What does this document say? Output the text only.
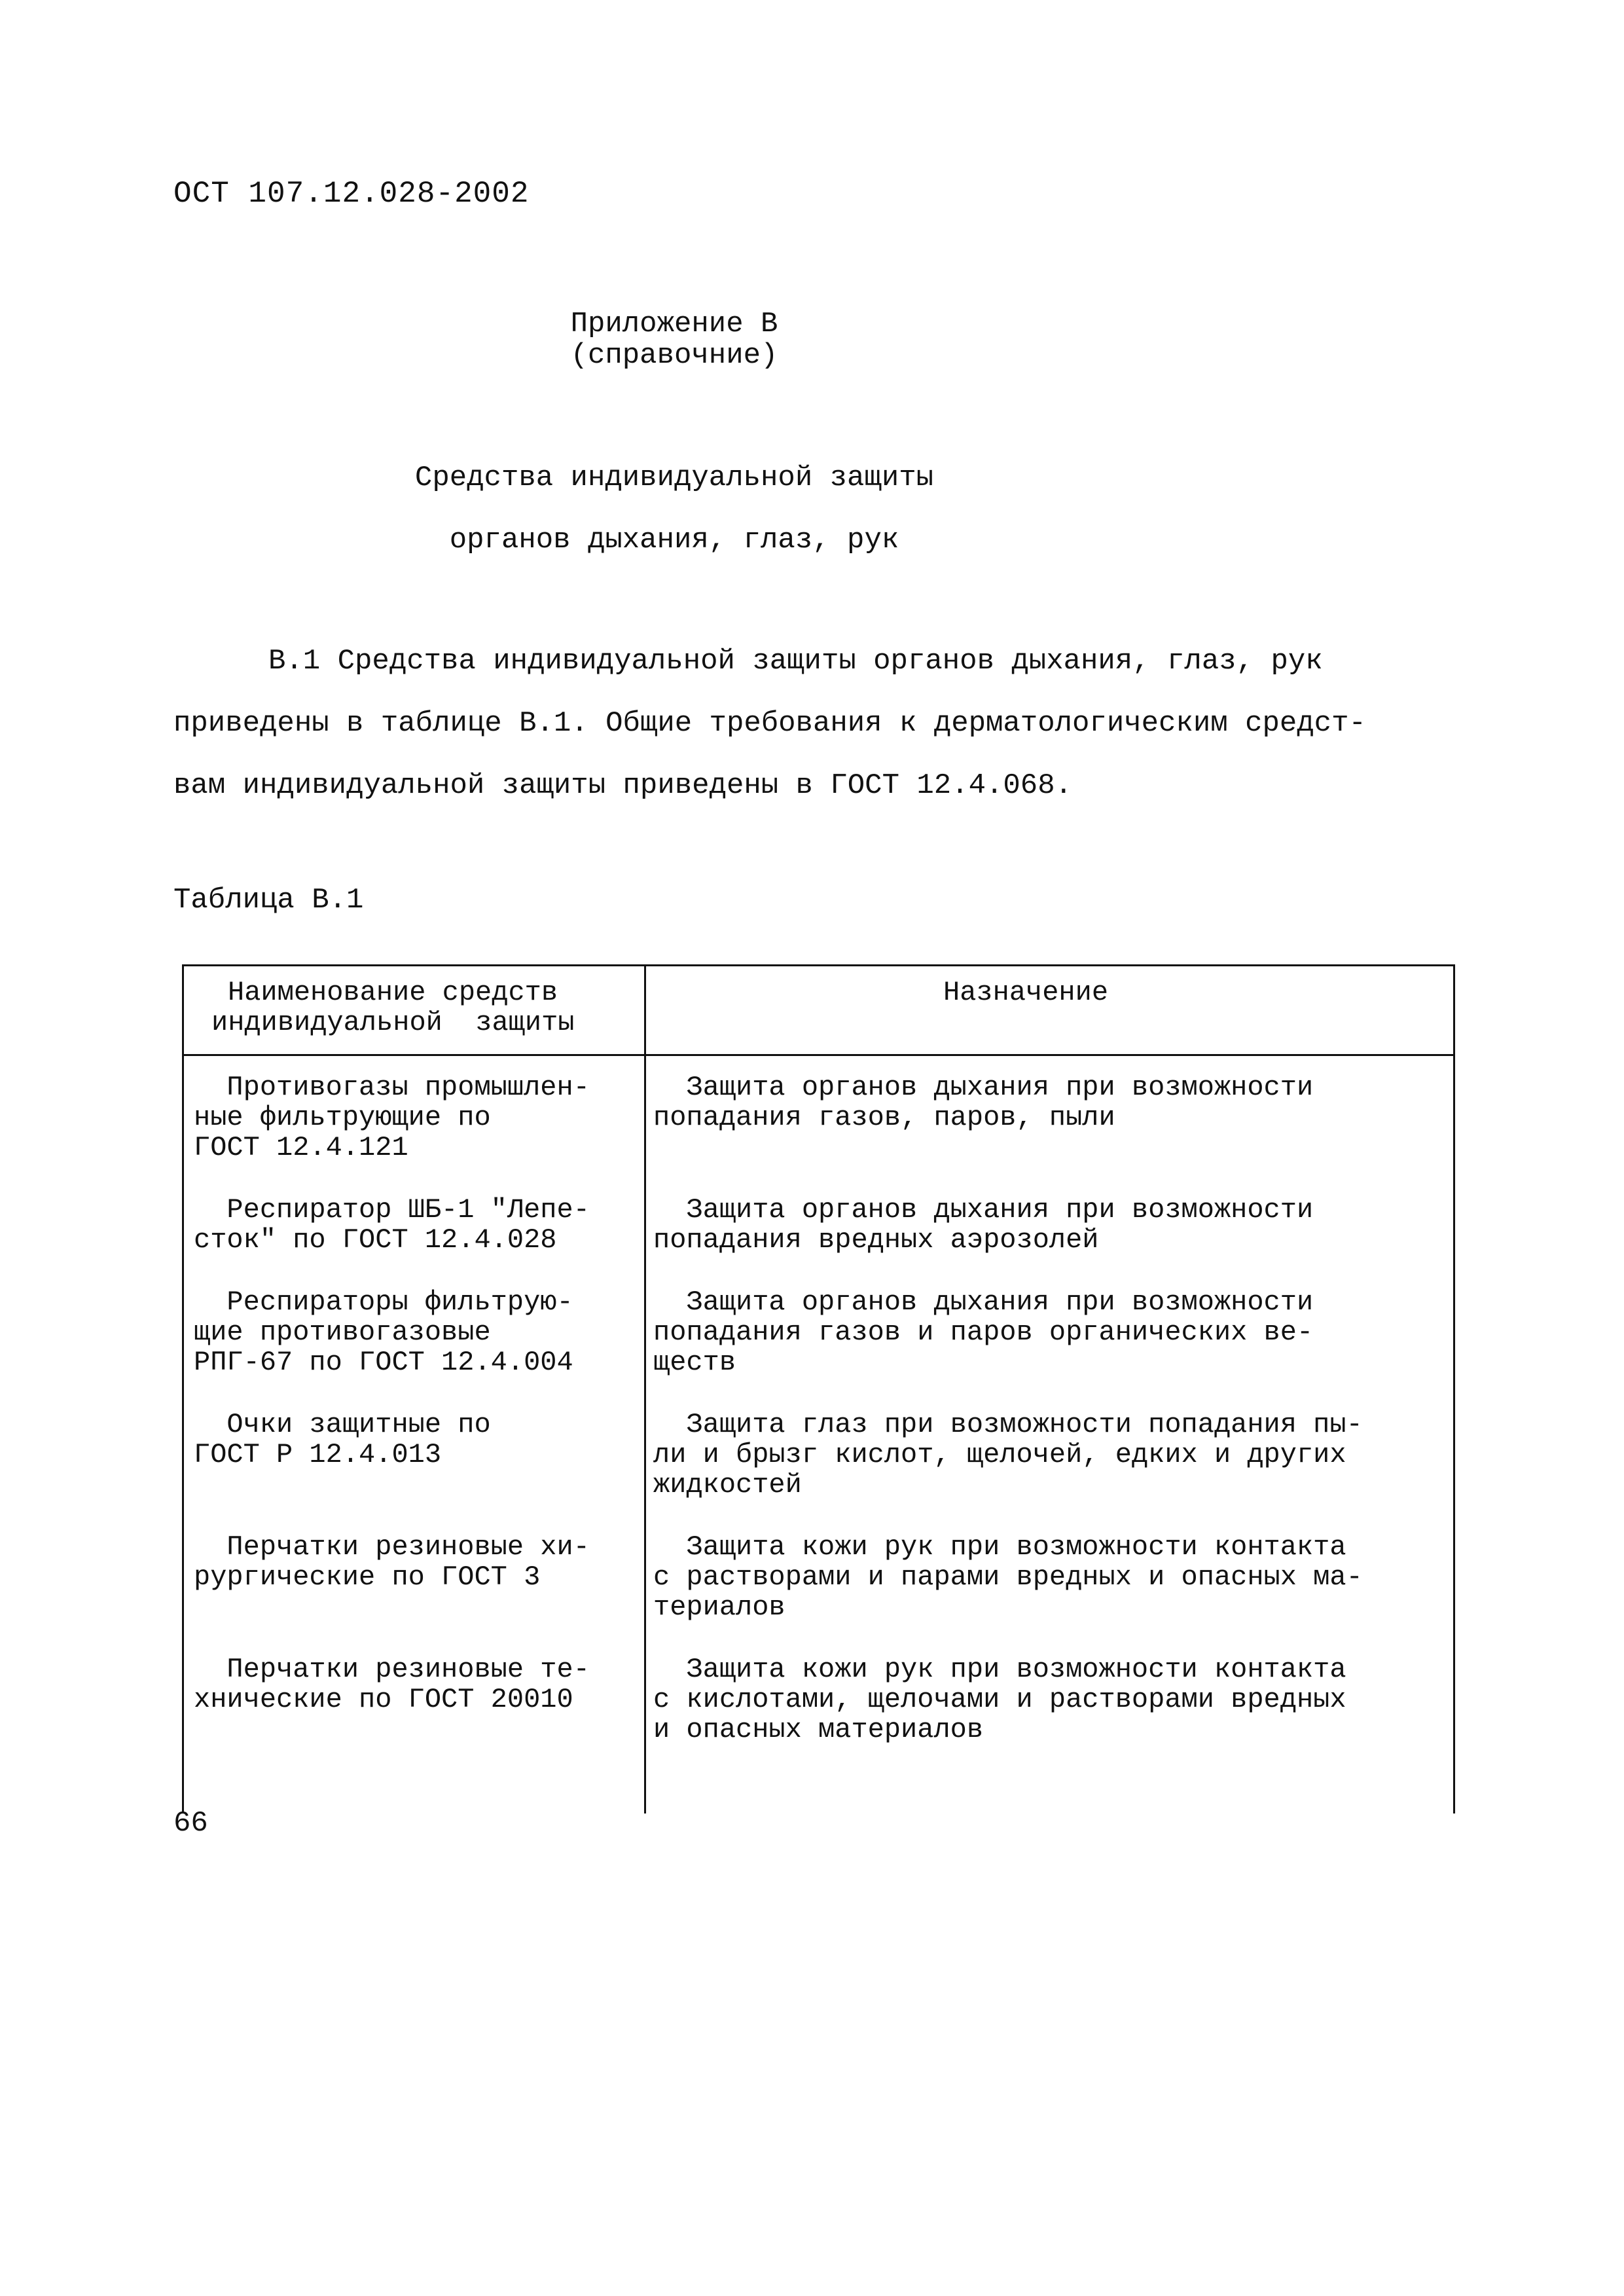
ОСТ 107.12.028-2002
Приложение В
(справочние)
Средства индивидуальной защиты
органов дыхания, глаз, рук
В.1 Средства индивидуальной защиты органов дыхания, глаз, рук
приведены в таблице В.1. Общие требования к дерматологическим средст-
вам индивидуальной защиты приведены в ГОСТ 12.4.068.
Таблица В.1
Наименование средств
индивидуальной  защиты
Назначение
Противогазы промышлен-
ные фильтрующие по
ГОСТ 12.4.121
Защита органов дыхания при возможности
попадания газов, паров, пыли
Респиратор ШБ-1 "Лепе-
сток" по ГОСТ 12.4.028
Защита органов дыхания при возможности
попадания вредных аэрозолей
Респираторы фильтрую-
щие противогазовые
РПГ-67 по ГОСТ 12.4.004
Защита органов дыхания при возможности
попадания газов и паров органических ве-
ществ
Очки защитные по
ГОСТ Р 12.4.013
Защита глаз при возможности попадания пы-
ли и брызг кислот, щелочей, едких и других
жидкостей
Перчатки резиновые хи-
рургические по ГОСТ 3
Защита кожи рук при возможности контакта
с растворами и парами вредных и опасных ма-
териалов
Перчатки резиновые те-
хнические по ГОСТ 20010
Защита кожи рук при возможности контакта
с кислотами, щелочами и растворами вредных
и опасных материалов
66
